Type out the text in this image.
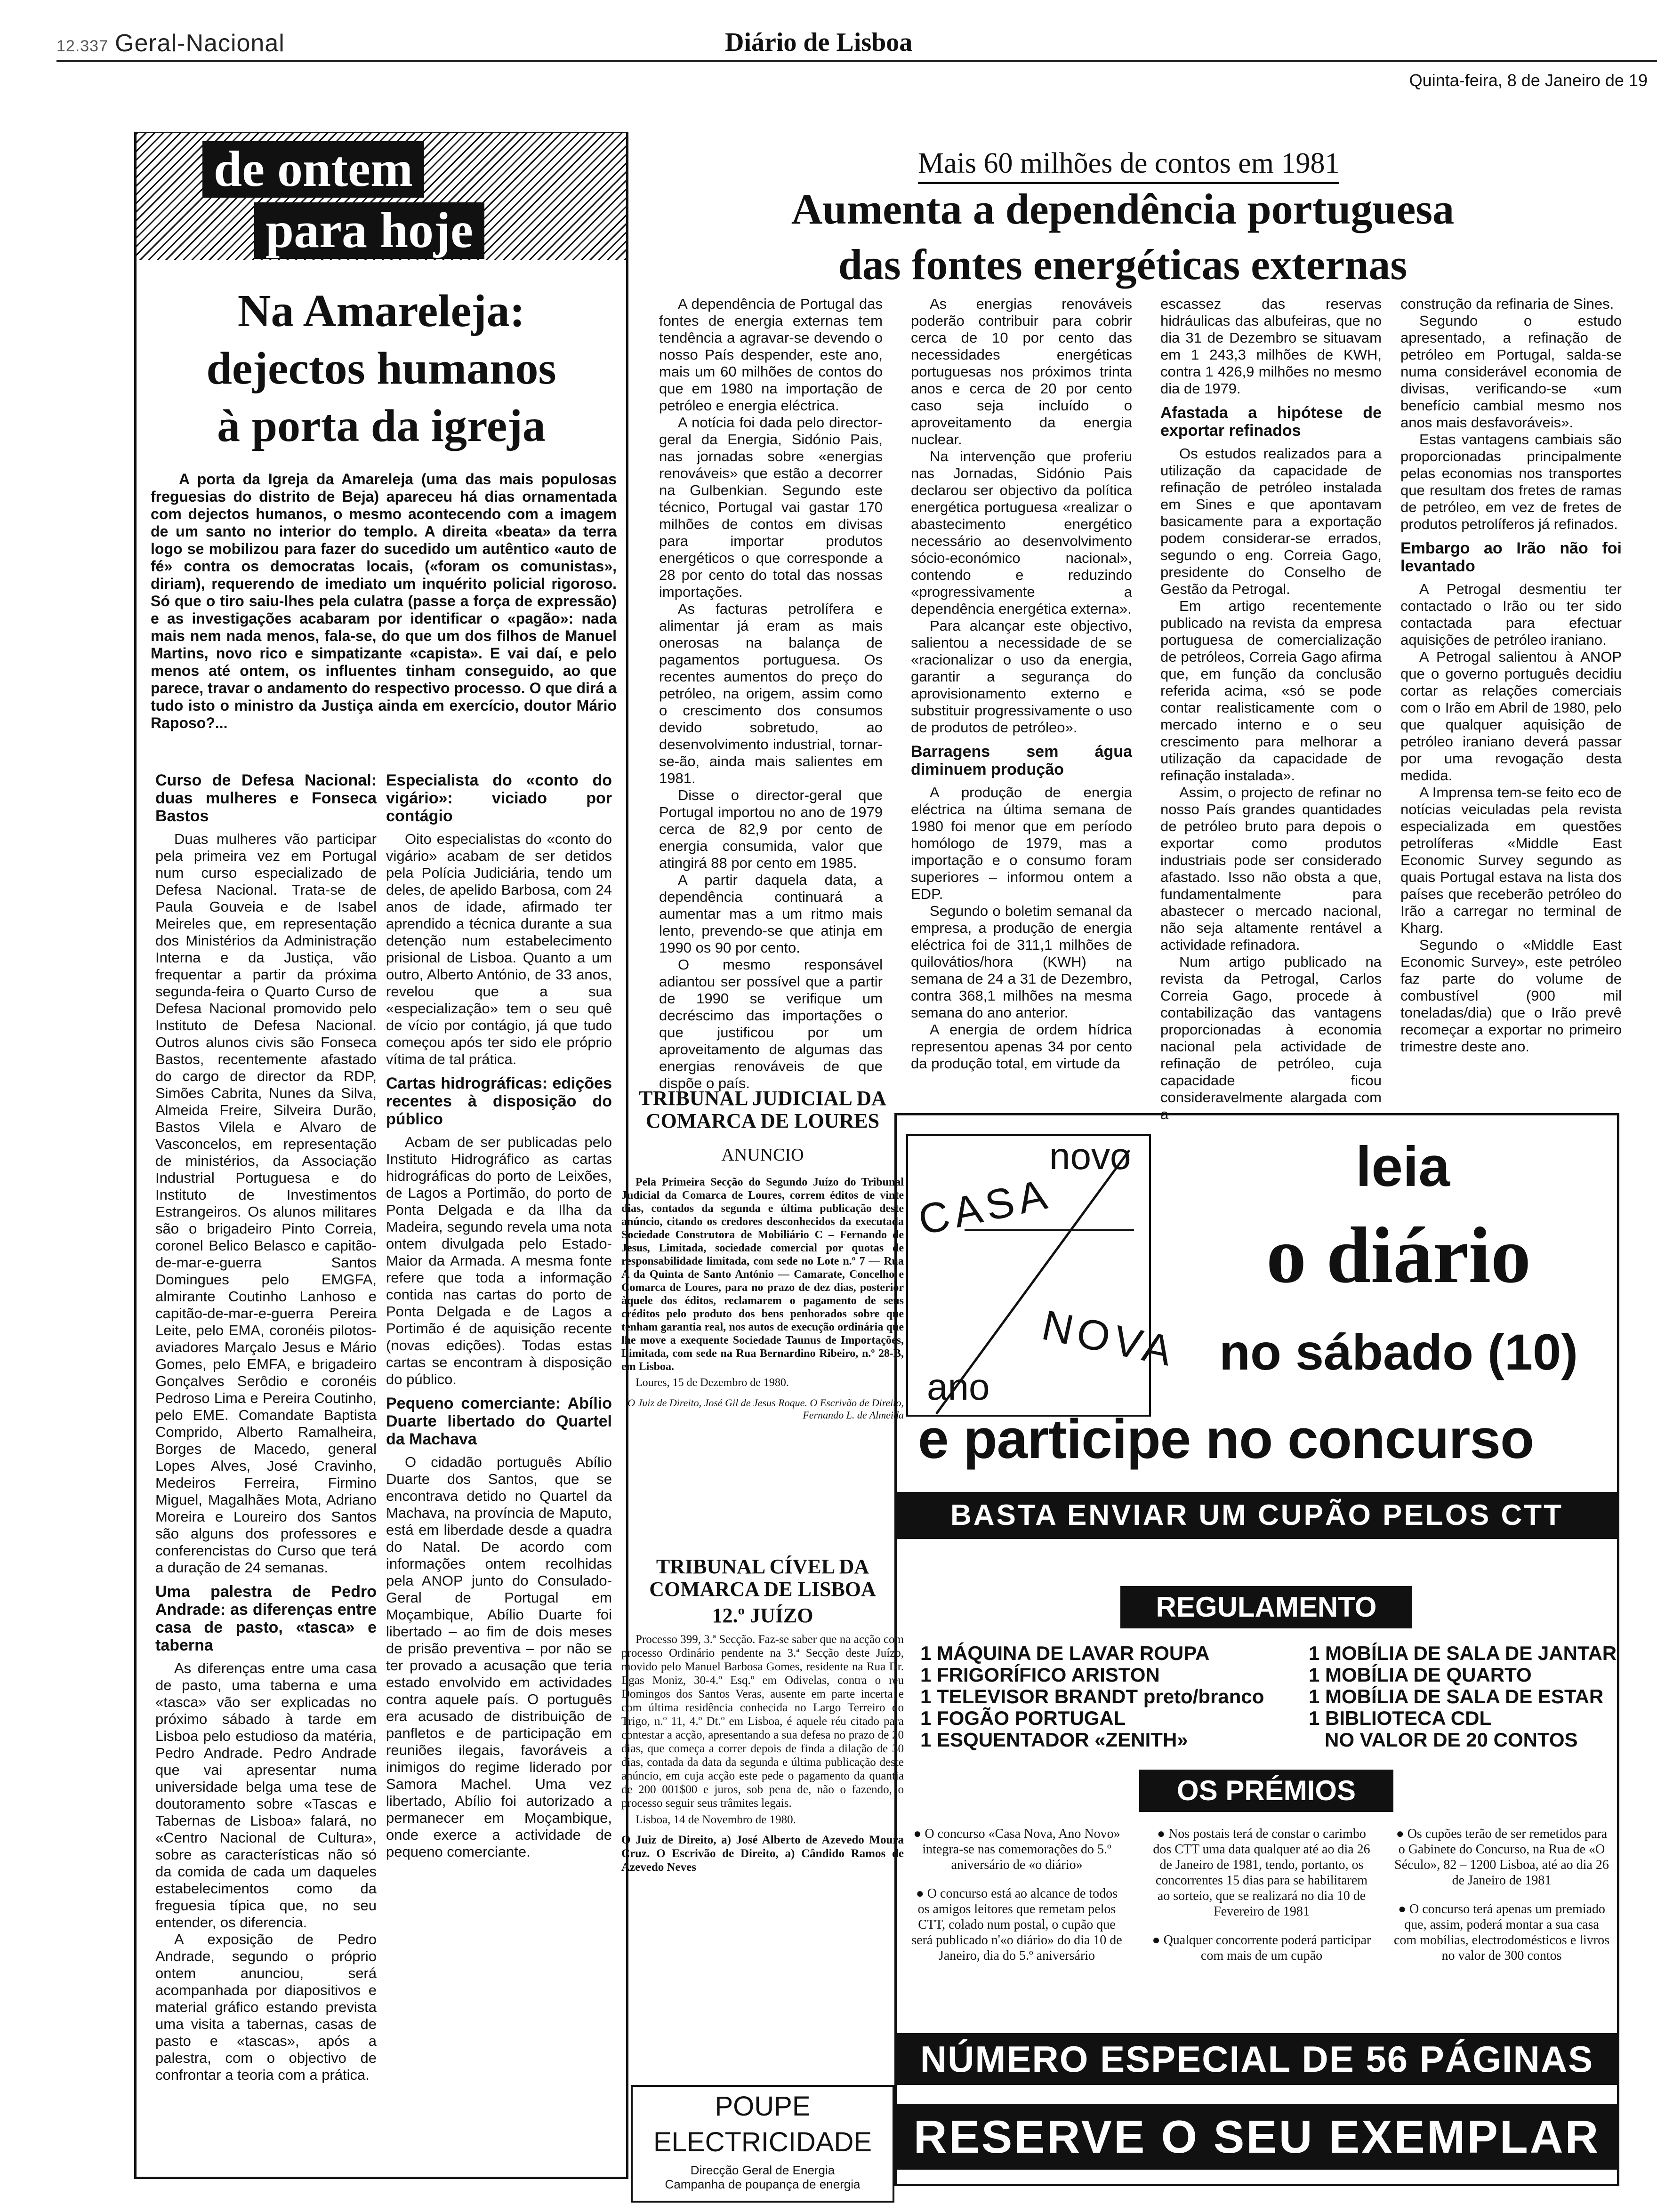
12.337 Geral-Nacional	Diário de Lisboa
Quinta-feira, 8 de Janeiro de 19
de ontem
para hoje
Na Amareleja:
dejectos humanos
à porta da igreja
A porta da Igreja da Amareleja (uma das mais populosas freguesias do distrito de Beja) apareceu há dias ornamentada com dejectos humanos, o mesmo acontecendo com a imagem de um santo no interior do templo. A direita «beata» da terra logo se mobilizou para fazer do sucedido um autêntico «auto de fé» contra os democratas locais, («foram os comunistas», diriam), requerendo de imediato um inquérito policial rigoroso. Só que o tiro saiu-lhes pela culatra (passe a força de expressão) e as investigações acabaram por identificar o «pagão»: nada mais nem nada menos, fala-se, do que um dos filhos de Manuel Martins, novo rico e simpatizante «capista». E vai daí, e pelo menos até ontem, os influentes tinham conseguido, ao que parece, travar o andamento do respectivo processo. O que dirá a tudo isto o ministro da Justiça ainda em exercício, doutor Mário Raposo?...
Curso de Defesa Nacional: duas mulheres e Fonseca Bastos

Duas mulheres vão participar pela primeira vez em Portugal num curso especializado de Defesa Nacional. Trata-se de Paula Gouveia e de Isabel Meireles que, em representação dos Ministérios da Administração Interna e da Justiça, vão frequentar a partir da próxima segunda-feira o Quarto Curso de Defesa Nacional promovido pelo Instituto de Defesa Nacional. Outros alunos civis são Fonseca Bastos, recentemente afastado do cargo de director da RDP, Simões Cabrita, Nunes da Silva, Almeida Freire, Silveira Durão, Bastos Vilela e Alvaro de Vasconcelos, em representação de ministérios, da Associação Industrial Portuguesa e do Instituto de Investimentos Estrangeiros. Os alunos militares são o brigadeiro Pinto Correia, coronel Belico Belasco e capitão-de-mar-e-guerra Santos Domingues pelo EMGFA, almirante Coutinho Lanhoso e capitão-de-mar-e-guerra Pereira Leite, pelo EMA, coronéis pilotos-aviadores Marçalo Jesus e Mário Gomes, pelo EMFA, e brigadeiro Gonçalves Serôdio e coronéis Pedroso Lima e Pereira Coutinho, pelo EME. Comandate Baptista Comprido, Alberto Ramalheira, Borges de Macedo, general Lopes Alves, José Cravinho, Medeiros Ferreira, Firmino Miguel, Magalhães Mota, Adriano Moreira e Loureiro dos Santos são alguns dos professores e conferencistas do Curso que terá a duração de 24 semanas.

Uma palestra de Pedro Andrade: as diferenças entre casa de pasto, «tasca» e taberna

As diferenças entre uma casa de pasto, uma taberna e uma «tasca» vão ser explicadas no próximo sábado à tarde em Lisboa pelo estudioso da matéria, Pedro Andrade. Pedro Andrade que vai apresentar numa universidade belga uma tese de doutoramento sobre «Tascas e Tabernas de Lisboa» falará, no «Centro Nacional de Cultura», sobre as características não só da comida de cada um daqueles estabelecimentos como da freguesia típica que, no seu entender, os diferencia.

A exposição de Pedro Andrade, segundo o próprio ontem anunciou, será acompanhada por diapositivos e material gráfico estando prevista uma visita a tabernas, casas de pasto e «tascas», após a palestra, com o objectivo de confrontar a teoria com a prática.

Especialista do «conto do vigário»: viciado por contágio

Oito especialistas do «conto do vigário» acabam de ser detidos pela Polícia Judiciária, tendo um deles, de apelido Barbosa, com 24 anos de idade, afirmado ter aprendido a técnica durante a sua detenção num estabelecimento prisional de Lisboa. Quanto a um outro, Alberto António, de 33 anos, revelou que a sua «especialização» tem o seu quê de vício por contágio, já que tudo começou após ter sido ele próprio vítima de tal prática.

Cartas hidrográficas: edições recentes à disposição do público

Acbam de ser publicadas pelo Instituto Hidrográfico as cartas hidrográficas do porto de Leixões, de Lagos a Portimão, do porto de Ponta Delgada e da Ilha da Madeira, segundo revela uma nota ontem divulgada pelo Estado-Maior da Armada. A mesma fonte refere que toda a informação contida nas cartas do porto de Ponta Delgada e de Lagos a Portimão é de aquisição recente (novas edições). Todas estas cartas se encontram à disposição do público.

Pequeno comerciante: Abílio Duarte libertado do Quartel da Machava

O cidadão português Abílio Duarte dos Santos, que se encontrava detido no Quartel da Machava, na província de Maputo, está em liberdade desde a quadra do Natal. De acordo com informações ontem recolhidas pela ANOP junto do Consulado-Geral de Portugal em Moçambique, Abílio Duarte foi libertado – ao fim de dois meses de prisão preventiva – por não se ter provado a acusação que teria estado envolvido em actividades contra aquele país. O português era acusado de distribuição de panfletos e de participação em reuniões ilegais, favoráveis a inimigos do regime liderado por Samora Machel. Uma vez libertado, Abílio foi autorizado a permanecer em Moçambique, onde exerce a actividade de pequeno comerciante.

Mais 60 milhões de contos em 1981
Aumenta a dependência portuguesa
das fontes energéticas externas

A dependência de Portugal das fontes de energia externas tem tendência a agravar-se devendo o nosso País despender, este ano, mais um 60 milhões de contos do que em 1980 na importação de petróleo e energia eléctrica.

A notícia foi dada pelo director-geral da Energia, Sidónio Pais, nas jornadas sobre «energias renováveis» que estão a decorrer na Gulbenkian. Segundo este técnico, Portugal vai gastar 170 milhões de contos em divisas para importar produtos energéticos o que corresponde a 28 por cento do total das nossas importações.

As facturas petrolífera e alimentar já eram as mais onerosas na balança de pagamentos portuguesa. Os recentes aumentos do preço do petróleo, na origem, assim como o crescimento dos consumos devido sobretudo, ao desenvolvimento industrial, tornar-se-ão, ainda mais salientes em 1981.

Disse o director-geral que Portugal importou no ano de 1979 cerca de 82,9 por cento de energia consumida, valor que atingirá 88 por cento em 1985.

A partir daquela data, a dependência continuará a aumentar mas a um ritmo mais lento, prevendo-se que atinja em 1990 os 90 por cento.

O mesmo responsável adiantou ser possível que a partir de 1990 se verifique um decréscimo das importações o que justificou por um aproveitamento de algumas das energias renováveis de que dispõe o país.

As energias renováveis poderão contribuir para cobrir cerca de 10 por cento das necessidades energéticas portuguesas nos próximos trinta anos e cerca de 20 por cento caso seja incluído o aproveitamento da energia nuclear.

Na intervenção que proferiu nas Jornadas, Sidónio Pais declarou ser objectivo da política energética portuguesa «realizar o abastecimento energético necessário ao desenvolvimento sócio-económico nacional», contendo e reduzindo «progressivamente a dependência energética externa».

Para alcançar este objectivo, salientou a necessidade de se «racionalizar o uso da energia, garantir a segurança do aprovisionamento externo e substituir progressivamente o uso de produtos de petróleo».

Barragens sem água diminuem produção

A produção de energia eléctrica na última semana de 1980 foi menor que em período homólogo de 1979, mas a importação e o consumo foram superiores – informou ontem a EDP.

Segundo o boletim semanal da empresa, a produção de energia eléctrica foi de 311,1 milhões de quilovátios/hora (KWH) na semana de 24 a 31 de Dezembro, contra 368,1 milhões na mesma semana do ano anterior.

A energia de ordem hídrica representou apenas 34 por cento da produção total, em virtude da

escassez das reservas hidráulicas das albufeiras, que no dia 31 de Dezembro se situavam em 1 243,3 milhões de KWH, contra 1 426,9 milhões no mesmo dia de 1979.

Afastada a hipótese de exportar refinados

Os estudos realizados para a utilização da capacidade de refinação de petróleo instalada em Sines e que apontavam basicamente para a exportação podem considerar-se errados, segundo o eng. Correia Gago, presidente do Conselho de Gestão da Petrogal.

Em artigo recentemente publicado na revista da empresa portuguesa de comercialização de petróleos, Correia Gago afirma que, em função da conclusão referida acima, «só se pode contar realisticamente com o mercado interno e o seu crescimento para melhorar a utilização da capacidade de refinação instalada».

Assim, o projecto de refinar no nosso País grandes quantidades de petróleo bruto para depois o exportar como produtos industriais pode ser considerado afastado. Isso não obsta a que, fundamentalmente para abastecer o mercado nacional, não seja altamente rentável a actividade refinadora.

Num artigo publicado na revista da Petrogal, Carlos Correia Gago, procede à contabilização das vantagens proporcionadas à economia nacional pela actividade de refinação de petróleo, cuja capacidade ficou consideravelmente alargada com a

construção da refinaria de Sines.

Segundo o estudo apresentado, a refinação de petróleo em Portugal, salda-se numa considerável economia de divisas, verificando-se «um benefício cambial mesmo nos anos mais desfavoráveis».

Estas vantagens cambiais são proporcionadas principalmente pelas economias nos transportes que resultam dos fretes de ramas de petróleo, em vez de fretes de produtos petrolíferos já refinados.

Embargo ao Irão não foi levantado

A Petrogal desmentiu ter contactado o Irão ou ter sido contactada para efectuar aquisições de petróleo iraniano.

A Petrogal salientou à ANOP que o governo português decidiu cortar as relações comerciais com o Irão em Abril de 1980, pelo que qualquer aquisição de petróleo iraniano deverá passar por uma revogação desta medida.

A Imprensa tem-se feito eco de notícias veiculadas pela revista especializada em questões petrolíferas «Middle East Economic Survey segundo as quais Portugal estava na lista dos países que receberão petróleo do Irão a carregar no terminal de Kharg.

Segundo o «Middle East Economic Survey», este petróleo faz parte do volume de combustível (900 mil toneladas/dia) que o Irão prevê recomeçar a exportar no primeiro trimestre deste ano.

TRIBUNAL JUDICIAL DA COMARCA DE LOURES
ANUNCIO
Pela Primeira Secção do Segundo Juízo do Tribunal Judicial da Comarca de Loures, correm éditos de vinte dias, contados da segunda e última publicação deste anúncio, citando os credores desconhecidos da executada Sociedade Construtora de Mobiliário C – Fernando de Jesus, Limitada, sociedade comercial por quotas de responsabilidade limitada, com sede no Lote n.º 7 — Rua A da Quinta de Santo António — Camarate, Concelho e Comarca de Loures, para no prazo de dez dias, posterior àquele dos éditos, reclamarem o pagamento de seus créditos pelo produto dos bens penhorados sobre que tenham garantia real, nos autos de execução ordinária que lhe move a exequente Sociedade Taunus de Importações, Limitada, com sede na Rua Bernardino Ribeiro, n.º 28-B, em Lisboa.
Loures, 15 de Dezembro de 1980.
O Juiz de Direito, José Gil de Jesus Roque. O Escrivão de Direito, Fernando L. de Almeida
TRIBUNAL CÍVEL DA COMARCA DE LISBOA
12.º JUÍZO
Processo 399, 3.ª Secção. Faz-se saber que na acção com processo Ordinário pendente na 3.ª Secção deste Juízo, movido pelo Manuel Barbosa Gomes, residente na Rua Dr. Egas Moniz, 30-4.º Esq.º em Odivelas, contra o réu Domingos dos Santos Veras, ausente em parte incerta e com última residência conhecida no Largo Terreiro do Trigo, n.º 11, 4.º Dt.º em Lisboa, é aquele réu citado para contestar a acção, apresentando a sua defesa no prazo de 20 dias, que começa a correr depois de finda a dilação de 30 dias, contada da data da segunda e última publicação deste anúncio, em cuja acção este pede o pagamento da quantia de 200 001$00 e juros, sob pena de, não o fazendo, o processo seguir seus trâmites legais.
Lisboa, 14 de Novembro de 1980.
O Juiz de Direito, a) José Alberto de Azevedo Moura Cruz. O Escrivão de Direito, a) Cândido Ramos de Azevedo Neves
POUPE
ELECTRICIDADE
Direcção Geral de Energia
Campanha de poupança de energia
novo
CASA
NOVA
ano
leia
o diário
no sábado (10)
e participe no concurso
BASTA ENVIAR UM CUPÃO PELOS CTT
REGULAMENTO
1 MÁQUINA DE LAVAR ROUPA
1 FRIGORÍFICO ARISTON
1 TELEVISOR BRANDT preto/branco
1 FOGÃO PORTUGAL
1 ESQUENTADOR «ZENITH»
1 MOBÍLIA DE SALA DE JANTAR
1 MOBÍLIA DE QUARTO
1 MOBÍLIA DE SALA DE ESTAR
1 BIBLIOTECA CDL
NO VALOR DE 20 CONTOS
OS PRÉMIOS
● O concurso «Casa Nova, Ano Novo» integra-se nas comemorações do 5.º aniversário de «o diário»
● O concurso está ao alcance de todos os amigos leitores que remetam pelos CTT, colado num postal, o cupão que será publicado n'«o diário» do dia 10 de Janeiro, dia do 5.º aniversário
● Nos postais terá de constar o carimbo dos CTT uma data qualquer até ao dia 26 de Janeiro de 1981, tendo, portanto, os concorrentes 15 dias para se habilitarem ao sorteio, que se realizará no dia 10 de Fevereiro de 1981
● Qualquer concorrente poderá participar com mais de um cupão
● Os cupões terão de ser remetidos para o Gabinete do Concurso, na Rua de «O Século», 82 – 1200 Lisboa, até ao dia 26 de Janeiro de 1981
● O concurso terá apenas um premiado que, assim, poderá montar a sua casa com mobílias, electrodomésticos e livros no valor de 300 contos
NÚMERO ESPECIAL DE 56 PÁGINAS
RESERVE O SEU EXEMPLAR
